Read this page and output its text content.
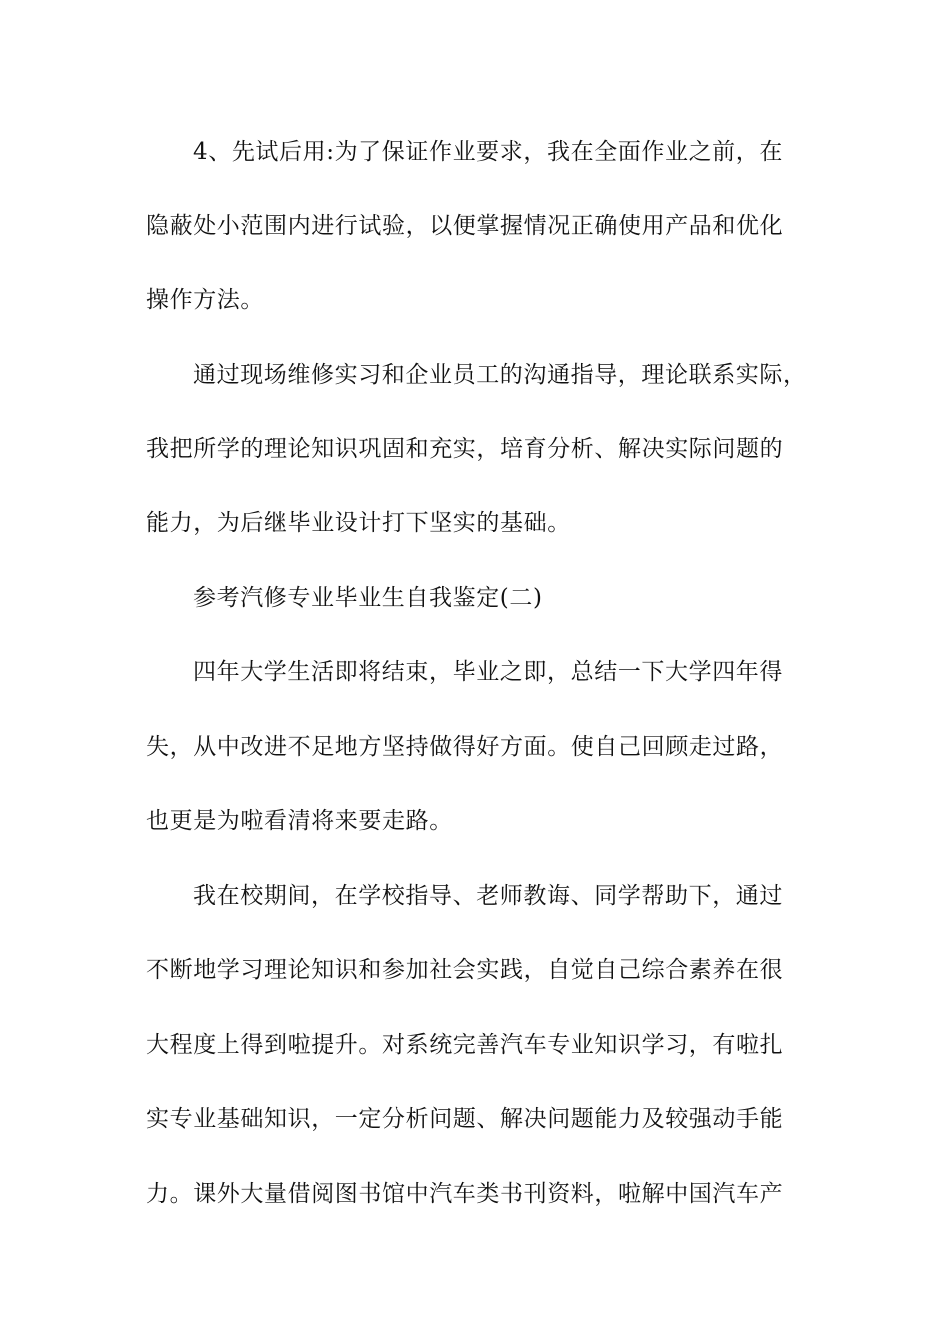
4、先试后用:为了保证作业要求，我在全面作业之前，在
隐蔽处小范围内进行试验，以便掌握情况正确使用产品和优化
操作方法。
通过现场维修实习和企业员工的沟通指导，理论联系实际，
我把所学的理论知识巩固和充实，培育分析、解决实际问题的
能力，为后继毕业设计打下坚实的基础。
参考汽修专业毕业生自我鉴定(二)
四年大学生活即将结束，毕业之即，总结一下大学四年得
失，从中改进不足地方坚持做得好方面。使自己回顾走过路，
也更是为啦看清将来要走路。
我在校期间，在学校指导、老师教诲、同学帮助下，通过
不断地学习理论知识和参加社会实践，自觉自己综合素养在很
大程度上得到啦提升。对系统完善汽车专业知识学习，有啦扎
实专业基础知识，一定分析问题、解决问题能力及较强动手能
力。课外大量借阅图书馆中汽车类书刊资料，啦解中国汽车产
